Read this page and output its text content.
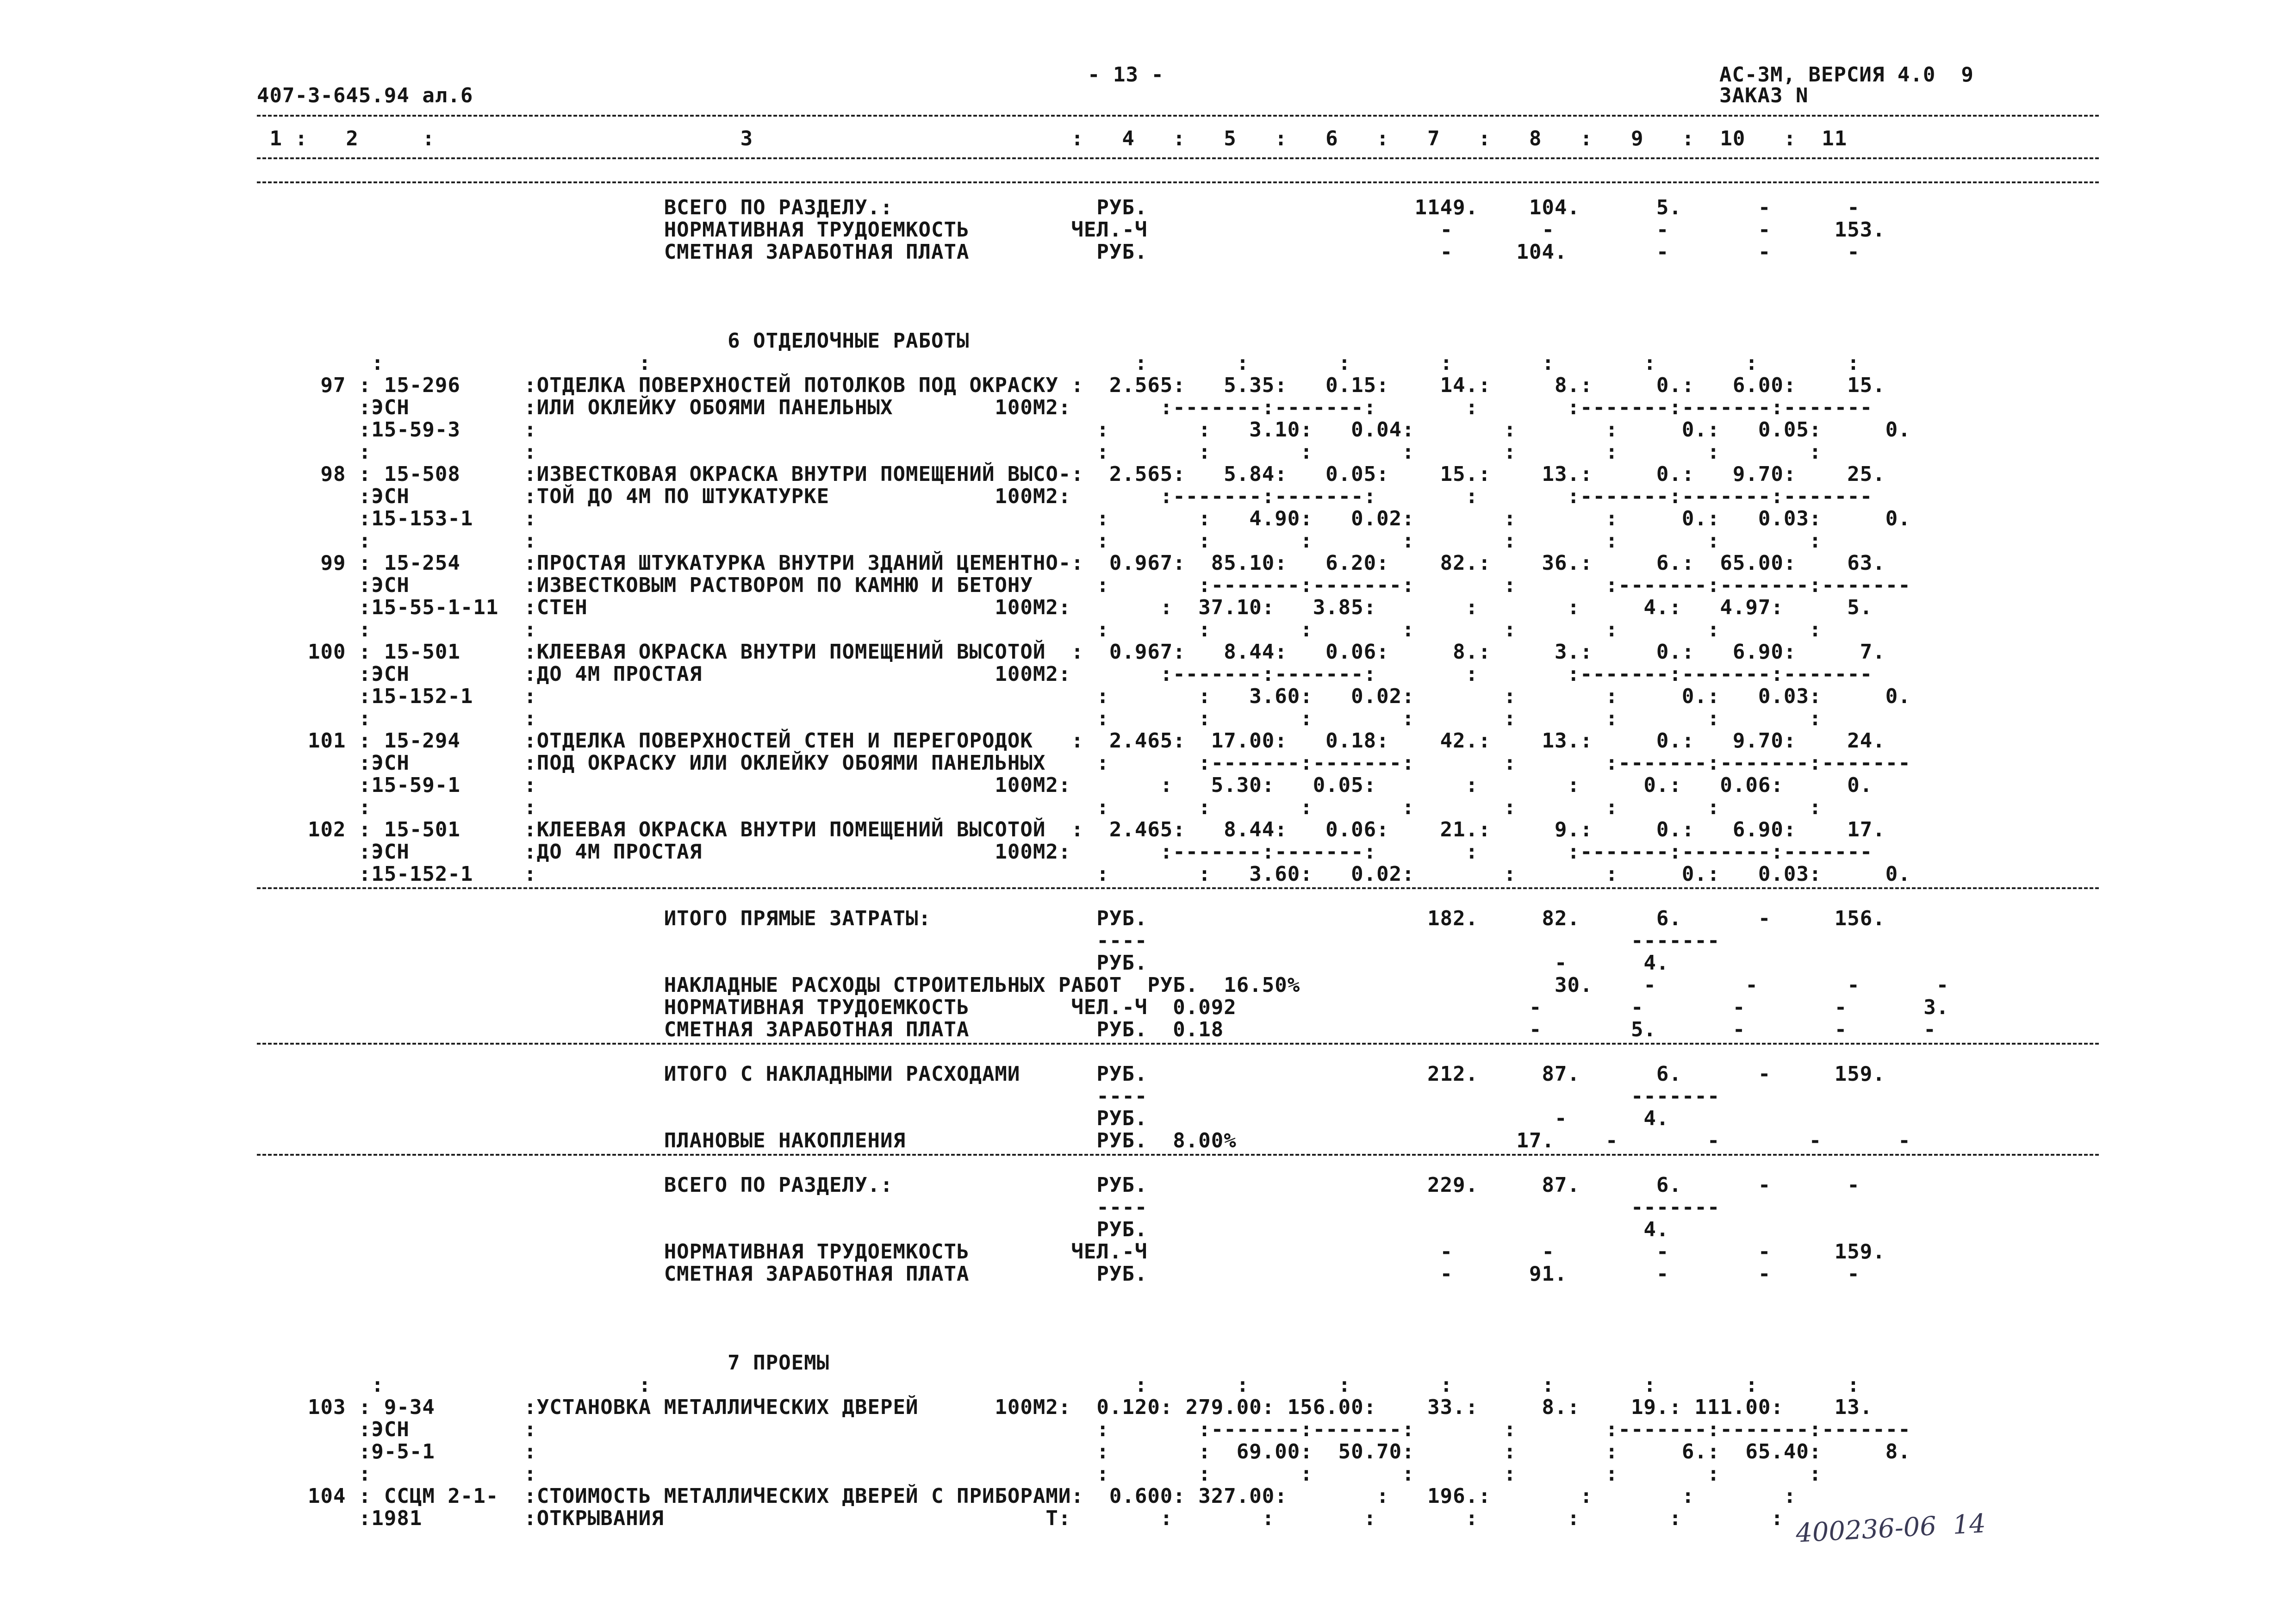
407-3-645.94 ал.6
- 13 -	АС-3М, ВЕРСИЯ 4.0  9
ЗАКАЗ N
1 :   2     :                        3                         :   4   :   5   :   6   :   7   :   8   :   9   :  10   :  11
ВСЕГО ПО РАЗДЕЛУ.:                РУБ.                     1149.    104.      5.      -      -
НОРМАТИВНАЯ ТРУДОЕМКОСТЬ        ЧЕЛ.-Ч                       -       -        -       -     153.
СМЕТНАЯ ЗАРАБОТНАЯ ПЛАТА          РУБ.                       -     104.       -       -      -
6 ОТДЕЛОЧНЫЕ РАБОТЫ
:                    :                                      :       :       :       :       :       :       :       :
97 : 15-296     :ОТДЕЛКА ПОВЕРХНОСТЕЙ ПОТОЛКОВ ПОД ОКРАСКУ :  2.565:   5.35:   0.15:    14.:     8.:     0.:   6.00:    15.
:ЭСН         :ИЛИ ОКЛЕЙКУ ОБОЯМИ ПАНЕЛЬНЫХ        100М2:       :-------:-------:       :       :-------:-------:-------
:15-59-3     :                                            :       :   3.10:   0.04:       :       :     0.:   0.05:     0.
:            :                                            :       :       :       :       :       :       :       :
98 : 15-508     :ИЗВЕСТКОВАЯ ОКРАСКА ВНУТРИ ПОМЕЩЕНИЙ ВЫСО-:  2.565:   5.84:   0.05:    15.:    13.:     0.:   9.70:    25.
:ЭСН         :ТОЙ ДО 4М ПО ШТУКАТУРКЕ             100М2:       :-------:-------:       :       :-------:-------:-------
:15-153-1    :                                            :       :   4.90:   0.02:       :       :     0.:   0.03:     0.
:            :                                            :       :       :       :       :       :       :       :
99 : 15-254     :ПРОСТАЯ ШТУКАТУРКА ВНУТРИ ЗДАНИЙ ЦЕМЕНТНО-:  0.967:  85.10:   6.20:    82.:    36.:     6.:  65.00:    63.
:ЭСН         :ИЗВЕСТКОВЫМ РАСТВОРОМ ПО КАМНЮ И БЕТОНУ     :       :-------:-------:       :       :-------:-------:-------
:15-55-1-11  :СТЕН                                100М2:       :  37.10:   3.85:       :       :     4.:   4.97:     5.
:            :                                            :       :       :       :       :       :       :       :
100 : 15-501     :КЛЕЕВАЯ ОКРАСКА ВНУТРИ ПОМЕЩЕНИЙ ВЫСОТОЙ  :  0.967:   8.44:   0.06:     8.:     3.:     0.:   6.90:     7.
:ЭСН         :ДО 4М ПРОСТАЯ                       100М2:       :-------:-------:       :       :-------:-------:-------
:15-152-1    :                                            :       :   3.60:   0.02:       :       :     0.:   0.03:     0.
:            :                                            :       :       :       :       :       :       :       :
101 : 15-294     :ОТДЕЛКА ПОВЕРХНОСТЕЙ СТЕН И ПЕРЕГОРОДОК   :  2.465:  17.00:   0.18:    42.:    13.:     0.:   9.70:    24.
:ЭСН         :ПОД ОКРАСКУ ИЛИ ОКЛЕЙКУ ОБОЯМИ ПАНЕЛЬНЫХ    :       :-------:-------:       :       :-------:-------:-------
:15-59-1     :                                    100М2:       :   5.30:   0.05:       :       :     0.:   0.06:     0.
:            :                                            :       :       :       :       :       :       :       :
102 : 15-501     :КЛЕЕВАЯ ОКРАСКА ВНУТРИ ПОМЕЩЕНИЙ ВЫСОТОЙ  :  2.465:   8.44:   0.06:    21.:     9.:     0.:   6.90:    17.
:ЭСН         :ДО 4М ПРОСТАЯ                       100М2:       :-------:-------:       :       :-------:-------:-------
:15-152-1    :                                            :       :   3.60:   0.02:       :       :     0.:   0.03:     0.
ИТОГО ПРЯМЫЕ ЗАТРАТЫ:             РУБ.                      182.     82.      6.      -     156.
----                                      -------
РУБ.                                -      4.
НАКЛАДНЫЕ РАСХОДЫ СТРОИТЕЛЬНЫХ РАБОТ  РУБ.  16.50%                    30.    -       -       -      -
НОРМАТИВНАЯ ТРУДОЕМКОСТЬ        ЧЕЛ.-Ч  0.092                       -       -       -       -      3.
СМЕТНАЯ ЗАРАБОТНАЯ ПЛАТА          РУБ.  0.18                        -       5.      -       -      -
ИТОГО С НАКЛАДНЫМИ РАСХОДАМИ      РУБ.                      212.     87.      6.      -     159.
----                                      -------
РУБ.                                -      4.
ПЛАНОВЫЕ НАКОПЛЕНИЯ               РУБ.  8.00%                      17.    -       -       -      -
ВСЕГО ПО РАЗДЕЛУ.:                РУБ.                      229.     87.      6.      -      -
----                                      -------
РУБ.                                       4.
НОРМАТИВНАЯ ТРУДОЕМКОСТЬ        ЧЕЛ.-Ч                       -       -        -       -     159.
СМЕТНАЯ ЗАРАБОТНАЯ ПЛАТА          РУБ.                       -      91.       -       -      -
7 ПРОЕМЫ
:                    :                                      :       :       :       :       :       :       :       :
103 : 9-34       :УСТАНОВКА МЕТАЛЛИЧЕСКИХ ДВЕРЕЙ      100М2:  0.120: 279.00: 156.00:    33.:     8.:    19.: 111.00:    13.
:ЭСН         :                                            :       :-------:-------:       :       :-------:-------:-------
:9-5-1       :                                            :       :  69.00:  50.70:       :       :     6.:  65.40:     8.
:            :                                            :       :       :       :       :       :       :       :
104 : ССЦМ 2-1-  :СТОИМОСТЬ МЕТАЛЛИЧЕСКИХ ДВЕРЕЙ С ПРИБОРАМИ:  0.600: 327.00:       :   196.:       :       :       :
:1981        :ОТКРЫВАНИЯ                              Т:       :       :       :       :       :       :       : 400236-06  14
